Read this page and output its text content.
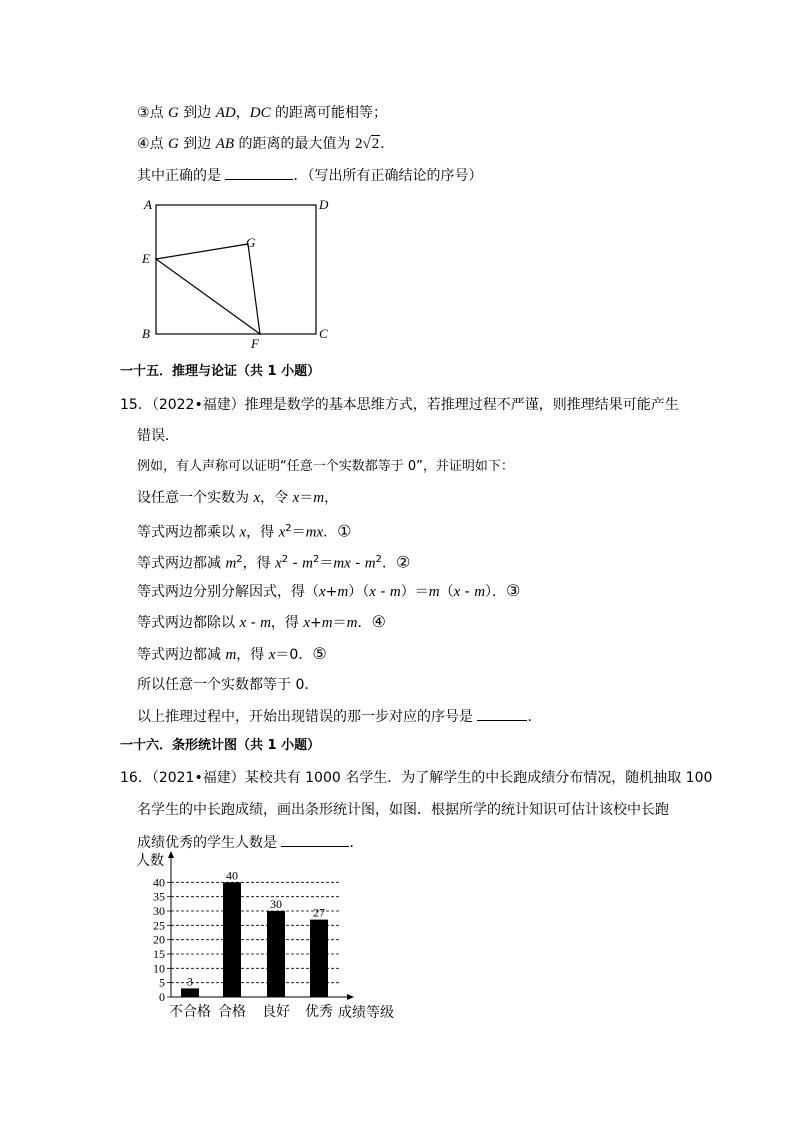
③点 G 到边 AD，DC 的距离可能相等；
④点 G 到边 AB 的距离的最大值为 2√2．
其中正确的是	．（写出所有正确结论的序号）
A	D
E
G
B
F
C
一十五．推理与论证（共 1 小题）
15．（2022•福建）推理是数学的基本思维方式，若推理过程不严谨，则推理结果可能产生
错误．
例如，有人声称可以证明“任意一个实数都等于 0”，并证明如下：
设任意一个实数为 x，令 x＝m，
等式两边都乘以 x，得 $x^2=mx$．①
等式两边都减 $m^2$，得 $x^2 - m^2=mx - m^2$．②
等式两边分别分解因式，得（x+m）（x - m）＝m（x - m）．③
等式两边都除以 x - m，得 x+m＝m．④
等式两边都减 m，得 x＝0．⑤
所以任意一个实数都等于 0．
以上推理过程中，开始出现错误的那一步对应的序号是	．
一十六．条形统计图（共 1 小题）
16．（2021•福建）某校共有 1000 名学生．为了解学生的中长跑成绩分布情况，随机抽取 100
名学生的中长跑成绩，画出条形统计图，如图．根据所学的统计知识可估计该校中长跑
成绩优秀的学生人数是	．
0
5
10
15
20
25
30
35
40
人数
成绩等级
3
不合格
40
合格
30
良好
27
优秀
